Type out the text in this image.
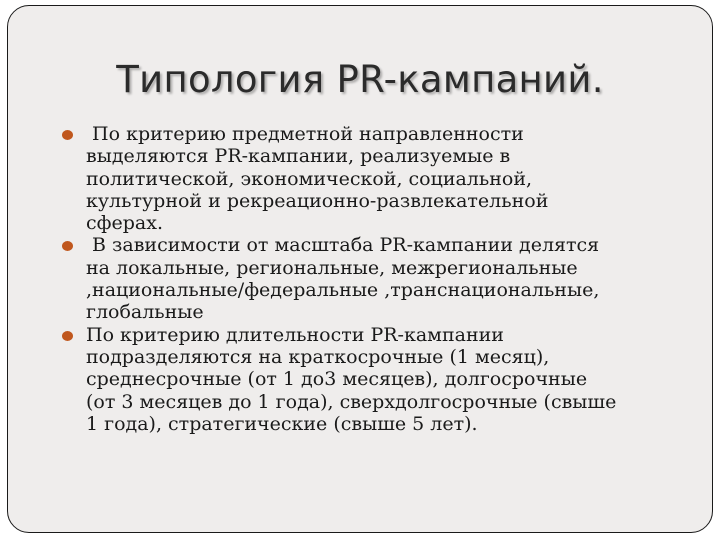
Типология PR-кампаний.
По критерию предметной направленности
выделяются PR-кампании, реализуемые в
политической, экономической, социальной,
культурной и рекреационно-развлекательной
сферах.
В зависимости от масштаба PR-кампании делятся
на локальные, региональные, межрегиональные
,национальные/федеральные ,транснациональные,
глобальные
По критерию длительности PR-кампании
подразделяются на краткосрочные (1 месяц),
среднесрочные (от 1 до3 месяцев), долгосрочные
(от 3 месяцев до 1 года), сверхдолгосрочные (свыше
1 года), стратегические (свыше 5 лет).
